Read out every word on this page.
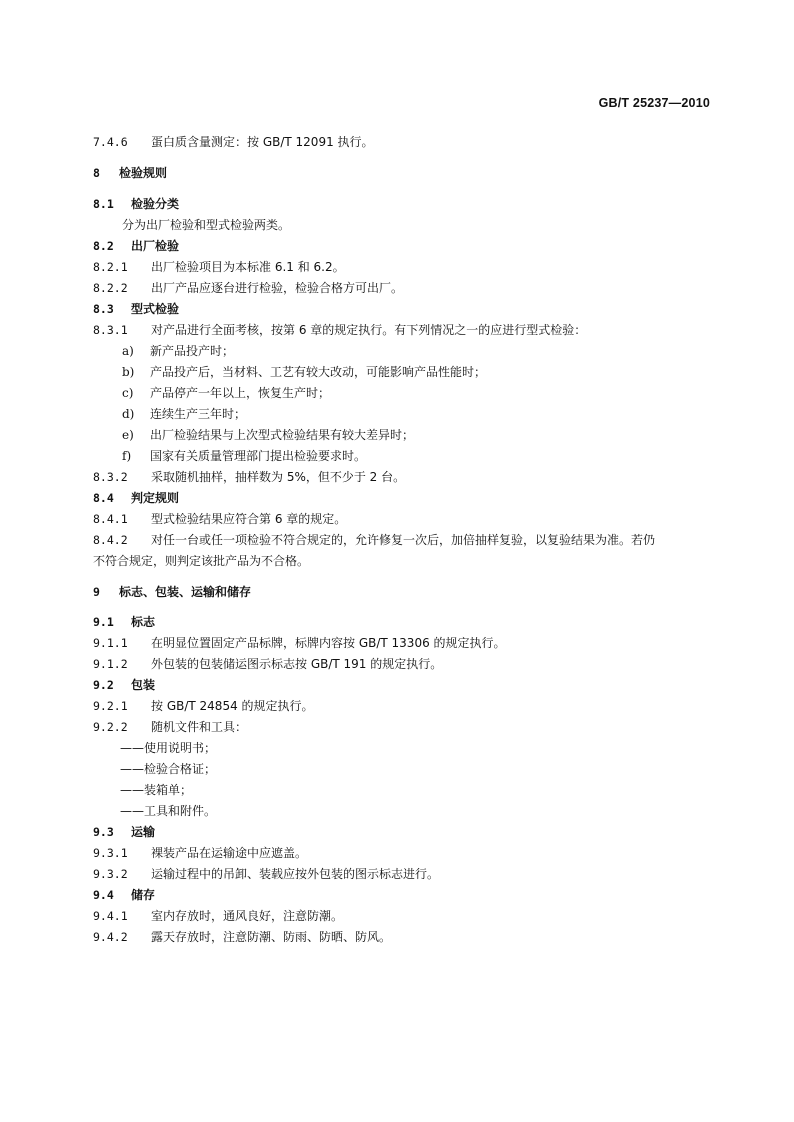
GB/T 25237—2010
7.4.6 蛋白质含量测定：按 GB/T 12091 执行。
8 检验规则
8.1 检验分类
分为出厂检验和型式检验两类。
8.2 出厂检验
8.2.1 出厂检验项目为本标准 6.1 和 6.2。
8.2.2 出厂产品应逐台进行检验，检验合格方可出厂。
8.3 型式检验
8.3.1 对产品进行全面考核，按第 6 章的规定执行。有下列情况之一的应进行型式检验：
a) 新产品投产时；
b) 产品投产后，当材料、工艺有较大改动，可能影响产品性能时；
c) 产品停产一年以上，恢复生产时；
d) 连续生产三年时；
e) 出厂检验结果与上次型式检验结果有较大差异时；
f) 国家有关质量管理部门提出检验要求时。
8.3.2 采取随机抽样，抽样数为 5%，但不少于 2 台。
8.4 判定规则
8.4.1 型式检验结果应符合第 6 章的规定。
8.4.2 对任一台或任一项检验不符合规定的，允许修复一次后，加倍抽样复验，以复验结果为准。若仍
不符合规定，则判定该批产品为不合格。
9 标志、包装、运输和储存
9.1 标志
9.1.1 在明显位置固定产品标牌，标牌内容按 GB/T 13306 的规定执行。
9.1.2 外包装的包装储运图示标志按 GB/T 191 的规定执行。
9.2 包装
9.2.1 按 GB/T 24854 的规定执行。
9.2.2 随机文件和工具：
——使用说明书；
——检验合格证；
——装箱单；
——工具和附件。
9.3 运输
9.3.1 裸装产品在运输途中应遮盖。
9.3.2 运输过程中的吊卸、装载应按外包装的图示标志进行。
9.4 储存
9.4.1 室内存放时，通风良好，注意防潮。
9.4.2 露天存放时，注意防潮、防雨、防晒、防风。
